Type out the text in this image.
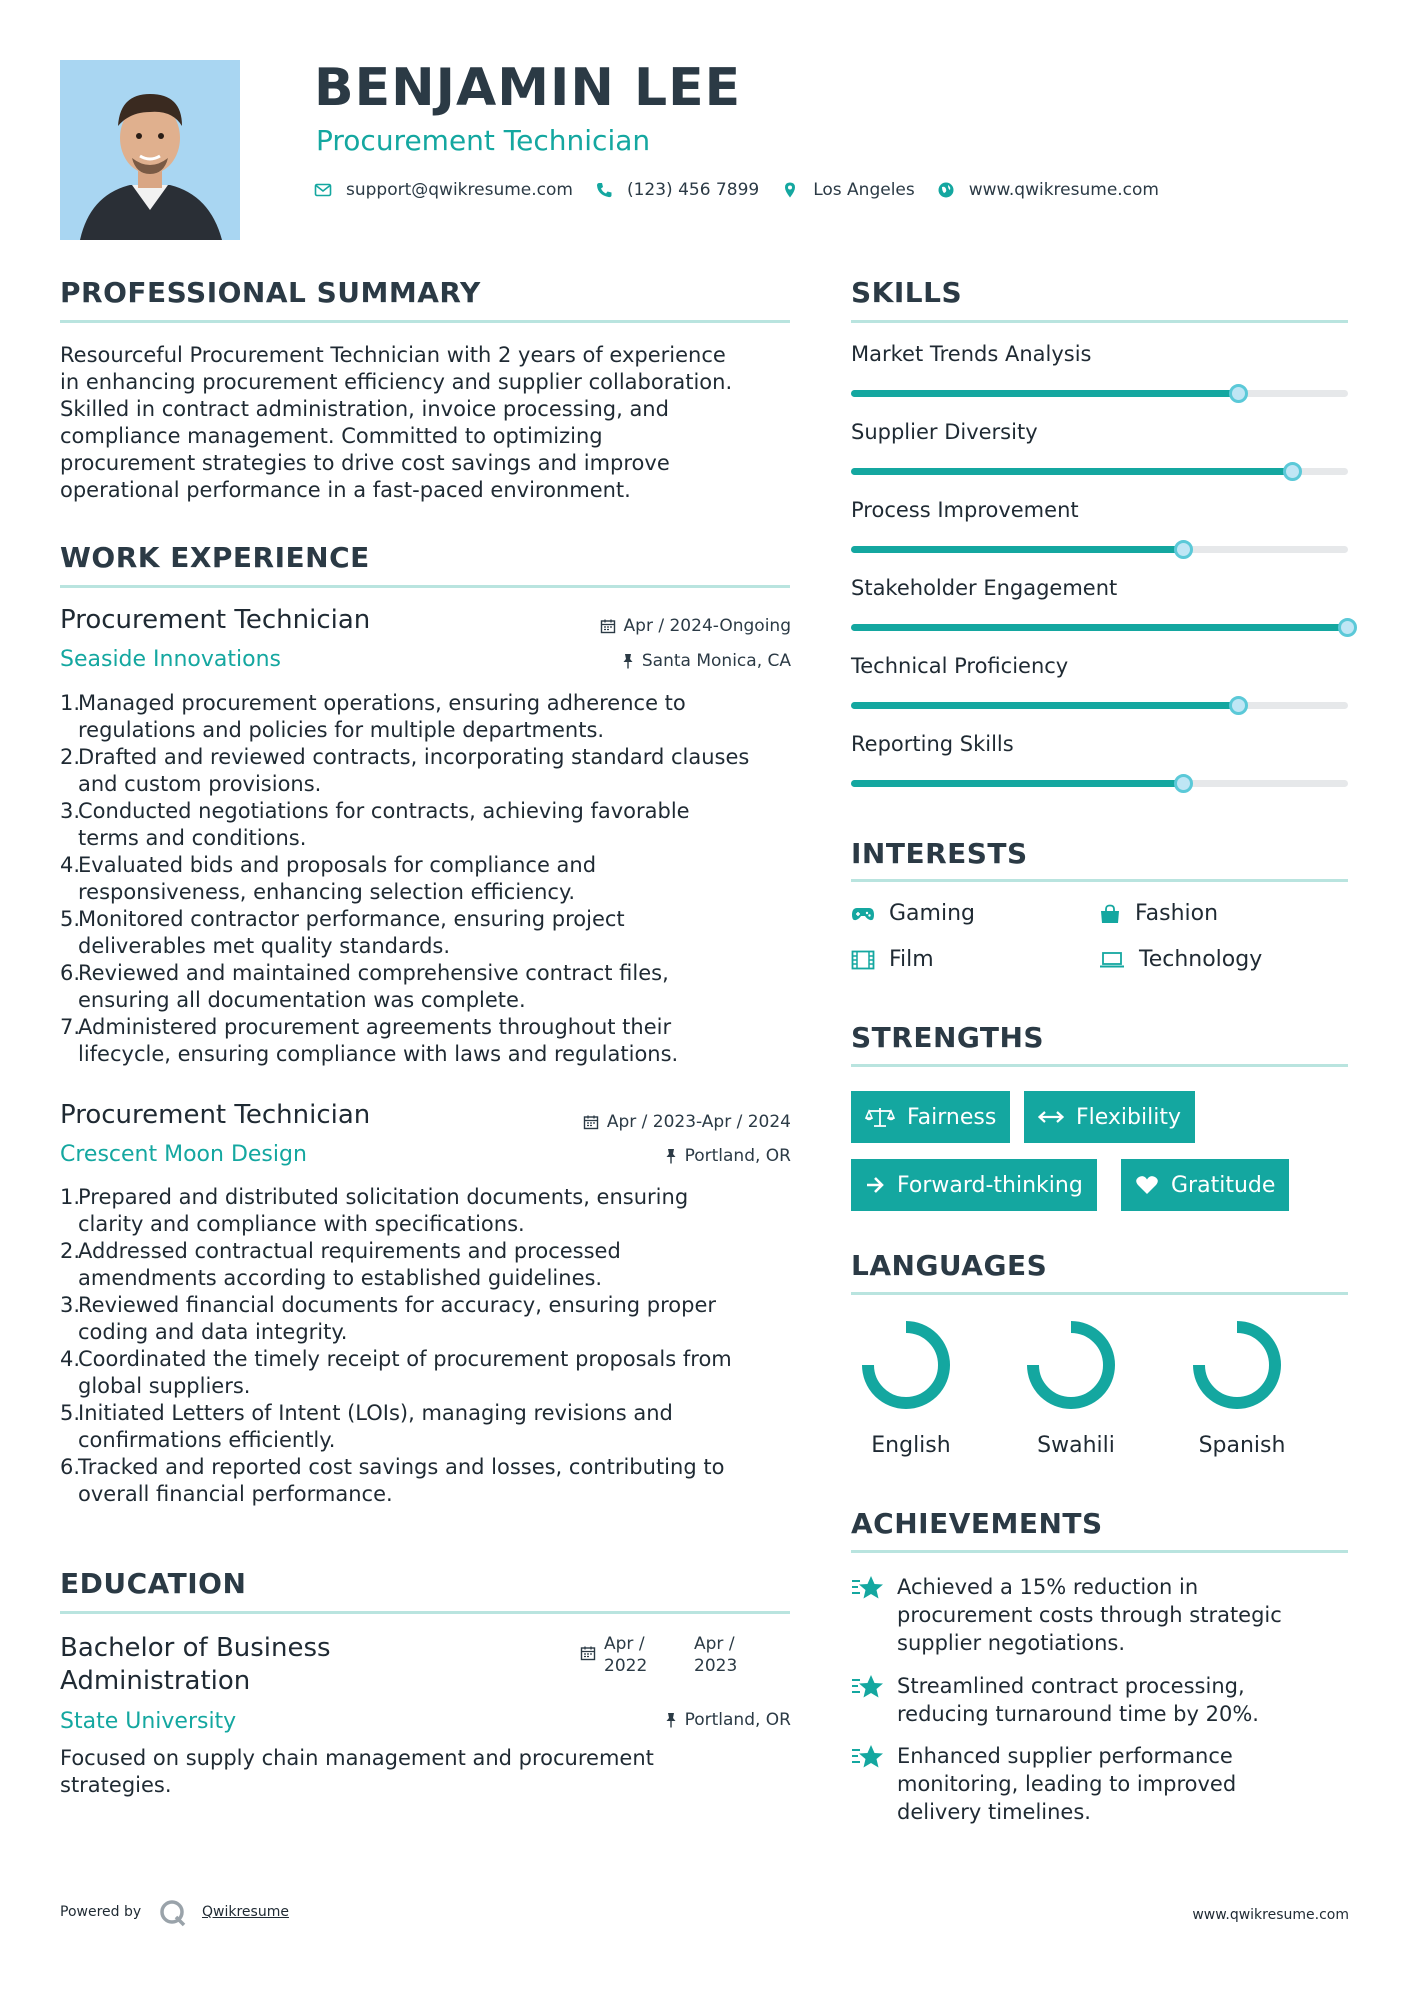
BENJAMIN LEE
Procurement Technician
support@qwikresume.com	(123) 456 7899	Los Angeles	www.qwikresume.com
PROFESSIONAL SUMMARY
Resourceful Procurement Technician with 2 years of experience
in enhancing procurement efficiency and supplier collaboration.
Skilled in contract administration, invoice processing, and
compliance management. Committed to optimizing
procurement strategies to drive cost savings and improve
operational performance in a fast-paced environment.
WORK EXPERIENCE
Procurement Technician	Apr / 2024-Ongoing
Seaside Innovations	Santa Monica, CA
1.
Managed procurement operations, ensuring adherence to
regulations and policies for multiple departments.
2.
Drafted and reviewed contracts, incorporating standard clauses
and custom provisions.
3.
Conducted negotiations for contracts, achieving favorable
terms and conditions.
4.
Evaluated bids and proposals for compliance and
responsiveness, enhancing selection efficiency.
5.
Monitored contractor performance, ensuring project
deliverables met quality standards.
6.
Reviewed and maintained comprehensive contract files,
ensuring all documentation was complete.
7.
Administered procurement agreements throughout their
lifecycle, ensuring compliance with laws and regulations.
Procurement Technician	Apr / 2023-Apr / 2024
Crescent Moon Design	Portland, OR
1.
Prepared and distributed solicitation documents, ensuring
clarity and compliance with specifications.
2.
Addressed contractual requirements and processed
amendments according to established guidelines.
3.
Reviewed financial documents for accuracy, ensuring proper
coding and data integrity.
4.
Coordinated the timely receipt of procurement proposals from
global suppliers.
5.
Initiated Letters of Intent (LOIs), managing revisions and
confirmations efficiently.
6.
Tracked and reported cost savings and losses, contributing to
overall financial performance.
EDUCATION
Bachelor of Business
Administration
Apr /
2022
Apr /
2023
State University	Portland, OR
Focused on supply chain management and procurement
strategies.
SKILLS
Market Trends Analysis
Supplier Diversity
Process Improvement
Stakeholder Engagement
Technical Proficiency
Reporting Skills
INTERESTS
Gaming	Fashion
Film	Technology
STRENGTHS
Fairness	Flexibility
Forward-thinking	Gratitude
LANGUAGES
English	Swahili	Spanish
ACHIEVEMENTS
Achieved a 15% reduction in
procurement costs through strategic
supplier negotiations.
Streamlined contract processing,
reducing turnaround time by 20%.
Enhanced supplier performance
monitoring, leading to improved
delivery timelines.
Powered by	Qwikresume	www.qwikresume.com
